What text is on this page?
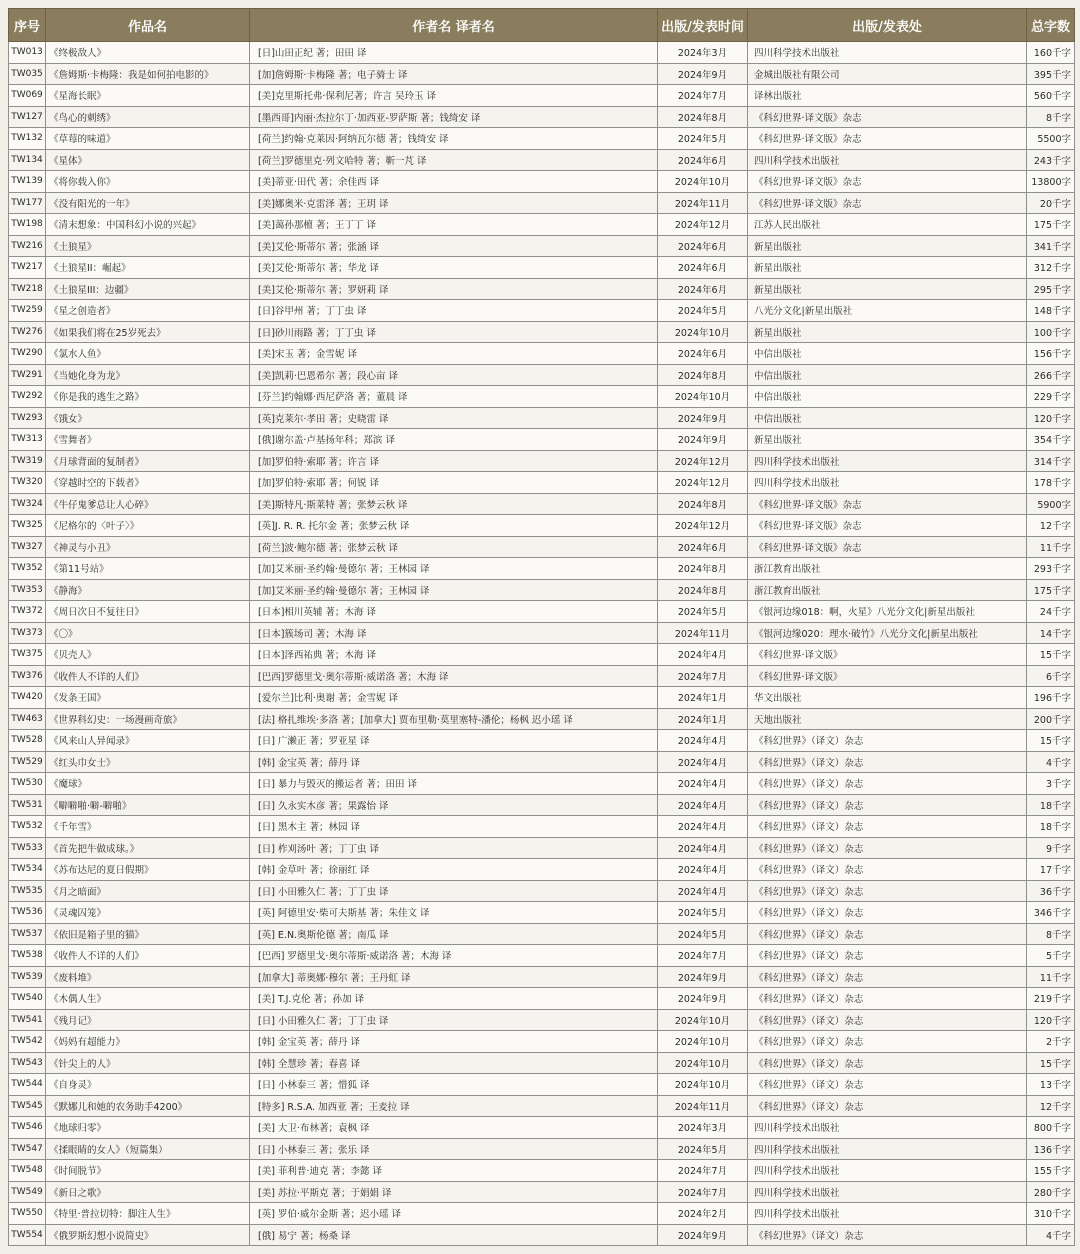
序号	作品名	作者名 译者名	出版/发表时间	出版/发表处	总字数
TW013	《终极敌人》	[日]山田正纪 著；田田 译	2024年3月	四川科学技术出版社	160千字
TW035	《詹姆斯·卡梅隆：我是如何拍电影的》	[加]詹姆斯·卡梅隆 著；电子骑士 译	2024年9月	金城出版社有限公司	395千字
TW069	《星海长眠》	[美]克里斯托弗·保利尼著；许言 吴玲玉 译	2024年7月	译林出版社	560千字
TW127	《鸟心的刺绣》	[墨西哥]内丽·杰拉尔丁·加西亚-罗萨斯 著；钱绮安 译	2024年8月	《科幻世界·译文版》杂志	8千字
TW132	《草莓的味道》	[荷兰]约翰·克莱因·阿纳瓦尔德 著；钱绮安 译	2024年5月	《科幻世界·译文版》杂志	5500字
TW134	《星体》	[荷兰]罗德里克·列文哈特 著；靳一芃 译	2024年6月	四川科学技术出版社	243千字
TW139	《将你载入你》	[美]蒂亚·田代 著；余佳西 译	2024年10月	《科幻世界·译文版》杂志	13800字
TW177	《没有阳光的一年》	[美]娜奥米·克雷泽 著；王玥 译	2024年11月	《科幻世界·译文版》杂志	20千字
TW198	《清末想象：中国科幻小说的兴起》	[美]蔼孙那檀 著；王丁丁 译	2024年12月	江苏人民出版社	175千字
TW216	《土狼星》	[美]艾伦·斯蒂尔 著；张涵 译	2024年6月	新星出版社	341千字
TW217	《土狼星II：崛起》	[美]艾伦·斯蒂尔 著；华龙 译	2024年6月	新星出版社	312千字
TW218	《土狼星III：边疆》	[美]艾伦·斯蒂尔 著；罗妍莉 译	2024年6月	新星出版社	295千字
TW259	《星之创造者》	[日]谷甲州 著；丁丁虫 译	2024年5月	八光分文化|新星出版社	148千字
TW276	《如果我们将在25岁死去》	[日]砂川雨路 著；丁丁虫 译	2024年10月	新星出版社	100千字
TW290	《氯水人鱼》	[美]宋玉 著；金雪妮 译	2024年6月	中信出版社	156千字
TW291	《当她化身为龙》	[美]凯莉·巴恩希尔 著；段心亩 译	2024年8月	中信出版社	266千字
TW292	《你是我的逃生之路》	[芬兰]约翰娜·西尼萨洛 著；董晨 译	2024年10月	中信出版社	229千字
TW293	《饿女》	[英]克莱尔·孝田 著；史晓雷 译	2024年9月	中信出版社	120千字
TW313	《雪舞者》	[俄]谢尔盖·卢基扬年科；郑滨 译	2024年9月	新星出版社	354千字
TW319	《月球背面的复制者》	[加]罗伯特·索耶 著；许言 译	2024年12月	四川科学技术出版社	314千字
TW320	《穿越时空的下载者》	[加]罗伯特·索耶 著；何锐 译	2024年12月	四川科学技术出版社	178千字
TW324	《牛仔鬼爹总让人心碎》	[美]斯特凡·斯莱特 著；张梦云秋 译	2024年8月	《科幻世界·译文版》杂志	5900字
TW325	《尼格尔的〈叶子〉》	[英]J. R. R. 托尔金 著；张梦云秋 译	2024年12月	《科幻世界·译文版》杂志	12千字
TW327	《神灵与小丑》	[荷兰]波·鲍尔德 著；张梦云秋 译	2024年6月	《科幻世界·译文版》杂志	11千字
TW352	《第11号站》	[加]艾米丽·圣约翰·曼德尔 著；王林园 译	2024年8月	浙江教育出版社	293千字
TW353	《静海》	[加]艾米丽·圣约翰·曼德尔 著；王林园 译	2024年8月	浙江教育出版社	175千字
TW372	《周日次日不复往日》	[日本]相川英辅 著；木海 译	2024年5月	《银河边缘018：啊，火星》八光分文化|新星出版社	24千字
TW373	《〇》	[日本]簇场司 著；木海 译	2024年11月	《银河边缘020：理水·破竹》八光分文化|新星出版社	14千字
TW375	《贝壳人》	[日本]泽西祐典 著；木海 译	2024年4月	《科幻世界·译文版》	15千字
TW376	《收件人不详的人们》	[巴西]罗德里戈·奥尔蒂斯·威诺洛 著；木海 译	2024年7月	《科幻世界·译文版》	6千字
TW420	《发条王国》	[爱尔兰]比利·奥谢 著；金雪妮 译	2024年1月	华文出版社	196千字
TW463	《世界科幻史：一场漫画奇旅》	[法] 格扎维埃·多洛 著；[加拿大] 贾布里勒·莫里塞特-潘伦；杨枫 迟小瑶 译	2024年1月	天地出版社	200千字
TW528	《风来山人异闻录》	[日] 广濑正 著；罗亚星 译	2024年4月	《科幻世界》（译文）杂志	15千字
TW529	《红头巾女士》	[韩] 金宝英 著；薛丹 译	2024年4月	《科幻世界》（译文）杂志	4千字
TW530	《魔球》	[日] 暴力与毁灭的搬运者 著；田田 译	2024年4月	《科幻世界》（译文）杂志	3千字
TW531	《噼噼啪·噼-噼啪》	[日] 久永实木彦 著；果露怡 译	2024年4月	《科幻世界》（译文）杂志	18千字
TW532	《千年雪》	[日] 黑木主 著；林园 译	2024年4月	《科幻世界》（译文）杂志	18千字
TW533	《首先把牛做成球。》	[日] 柞刈汤叶 著；丁丁虫 译	2024年4月	《科幻世界》（译文）杂志	9千字
TW534	《苏布达尼的夏日假期》	[韩] 金草叶 著；徐丽红 译	2024年4月	《科幻世界》（译文）杂志	17千字
TW535	《月之暗面》	[日] 小田雅久仁 著；丁丁虫 译	2024年4月	《科幻世界》（译文）杂志	36千字
TW536	《灵魂囚笼》	[英] 阿德里安·柴可夫斯基 著；朱佳文 译	2024年5月	《科幻世界》（译文）杂志	346千字
TW537	《依旧是箱子里的猫》	[英] E.N.奥斯伦德 著；南瓜 译	2024年5月	《科幻世界》（译文）杂志	8千字
TW538	《收件人不详的人们》	[巴西] 罗德里戈·奥尔蒂斯·威诺洛 著；木海 译	2024年7月	《科幻世界》（译文）杂志	5千字
TW539	《废料堆》	[加拿大] 蒂奥娜·穆尔 著；王丹虹 译	2024年9月	《科幻世界》（译文）杂志	11千字
TW540	《木偶人生》	[美] T.J.克伦 著；孙加 译	2024年9月	《科幻世界》（译文）杂志	219千字
TW541	《残月记》	[日] 小田雅久仁 著；丁丁虫 译	2024年10月	《科幻世界》（译文）杂志	120千字
TW542	《妈妈有超能力》	[韩] 金宝英 著；薛丹 译	2024年10月	《科幻世界》（译文）杂志	2千字
TW543	《针尖上的人》	[韩] 全慧珍 著；春喜 译	2024年10月	《科幻世界》（译文）杂志	15千字
TW544	《自身灵》	[日] 小林泰三 著；惜狐 译	2024年10月	《科幻世界》（译文）杂志	13千字
TW545	《默娜儿和她的农务助手4200》	[特多] R.S.A. 加西亚 著；王麦拉 译	2024年11月	《科幻世界》（译文）杂志	12千字
TW546	《地球归零》	[美] 大卫·布林著；袁枫 译	2024年3月	四川科学技术出版社	800千字
TW547	《揉眼睛的女人》（短篇集）	[日] 小林泰三 著；张乐 译	2024年5月	四川科学技术出版社	136千字
TW548	《时间脱节》	[美] 菲利普·迪克 著；李懿 译	2024年7月	四川科学技术出版社	155千字
TW549	《新日之歌》	[美] 苏拉·平斯克 著；于娟娟 译	2024年7月	四川科学技术出版社	280千字
TW550	《特里·普拉切特：脚注人生》	[英] 罗伯·威尔金斯 著；迟小瑶 译	2024年2月	四川科学技术出版社	310千字
TW554	《俄罗斯幻想小说简史》	[俄] 易宁 著；杨桑 译	2024年9月	《科幻世界》（译文）杂志	4千字
